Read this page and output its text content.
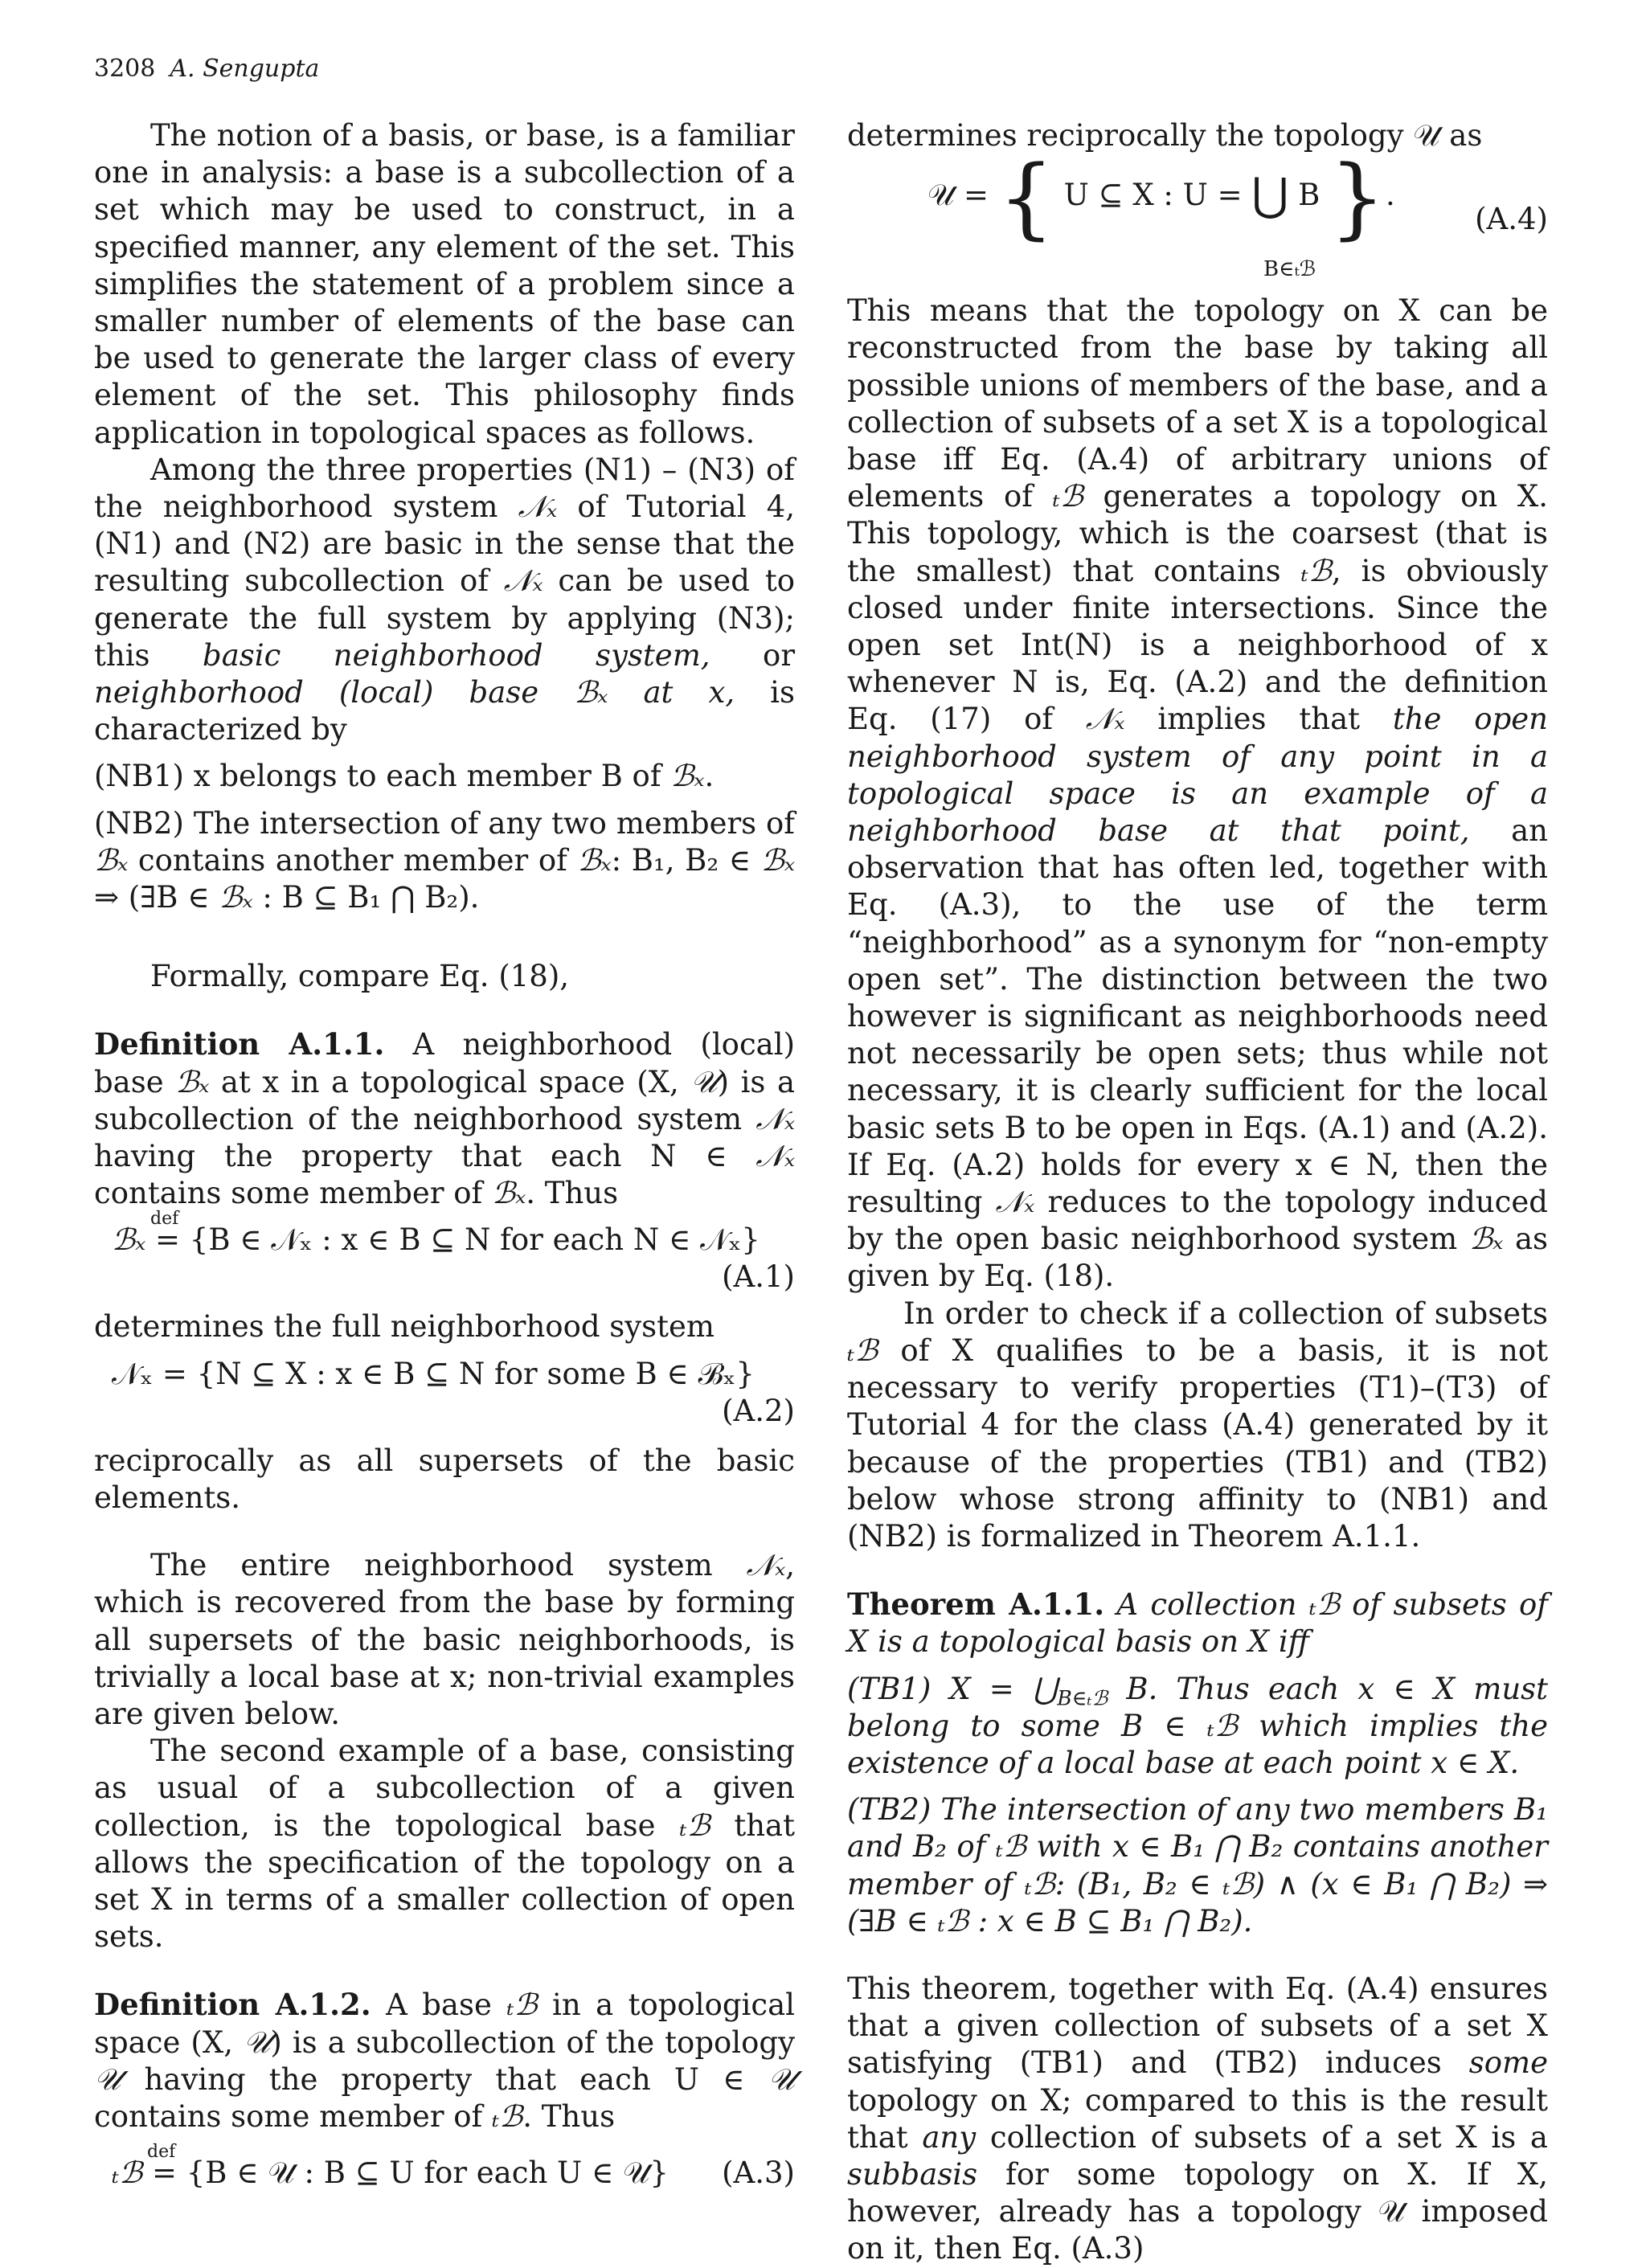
3208 A. Sengupta

The notion of a basis, or base, is a familiar one in analysis: a base is a subcollection of a set which may be used to construct, in a specified manner, any element of the set. This simplifies the statement of a problem since a smaller number of elements of the base can be used to generate the larger class of every element of the set. This philosophy finds application in topological spaces as follows.

Among the three properties (N1) – (N3) of the neighborhood system 𝒩ₓ of Tutorial 4, (N1) and (N2) are basic in the sense that the resulting subcollection of 𝒩ₓ can be used to generate the full system by applying (N3); this basic neighborhood system, or neighborhood (local) base ℬₓ at x, is characterized by

(NB1) x belongs to each member B of ℬₓ.

(NB2) The intersection of any two members of ℬₓ contains another member of ℬₓ: B₁, B₂ ∈ ℬₓ ⇒ (∃B ∈ ℬₓ : B ⊆ B₁ ⋂ B₂).

Formally, compare Eq. (18),

Definition A.1.1. A neighborhood (local) base ℬₓ at x in a topological space (X, 𝒰) is a subcollection of the neighborhood system 𝒩ₓ having the property that each N ∈ 𝒩ₓ contains some member of ℬₓ. Thus

ℬₓ
def
= {B ∈ 𝒩ₓ : x ∈ B ⊆ N for each N ∈ 𝒩ₓ}
(A.1)

determines the full neighborhood system

𝒩ₓ = {N ⊆ X : x ∈ B ⊆ N for some B ∈ ℬₓ}
(A.2)

reciprocally as all supersets of the basic elements.

The entire neighborhood system 𝒩ₓ, which is recovered from the base by forming all supersets of the basic neighborhoods, is trivially a local base at x; non-trivial examples are given below.

The second example of a base, consisting as usual of a subcollection of a given collection, is the topological base ₜℬ that allows the specification of the topology on a set X in terms of a smaller collection of open sets.

Definition A.1.2. A base ₜℬ in a topological space (X, 𝒰) is a subcollection of the topology 𝒰 having the property that each U ∈ 𝒰 contains some member of ₜℬ. Thus

ₜℬ
def
= {B ∈ 𝒰 : B ⊆ U for each U ∈ 𝒰} (A.3)

determines reciprocally the topology 𝒰 as

𝒰 = { U ⊆ X : U = ⋃ B }.
B∈ₜℬ
(A.4)

This means that the topology on X can be reconstructed from the base by taking all possible unions of members of the base, and a collection of subsets of a set X is a topological base iff Eq. (A.4) of arbitrary unions of elements of ₜℬ generates a topology on X. This topology, which is the coarsest (that is the smallest) that contains ₜℬ, is obviously closed under finite intersections. Since the open set Int(N) is a neighborhood of x whenever N is, Eq. (A.2) and the definition Eq. (17) of 𝒩ₓ implies that the open neighborhood system of any point in a topological space is an example of a neighborhood base at that point, an observation that has often led, together with Eq. (A.3), to the use of the term “neighborhood” as a synonym for “non-empty open set”. The distinction between the two however is significant as neighborhoods need not necessarily be open sets; thus while not necessary, it is clearly sufficient for the local basic sets B to be open in Eqs. (A.1) and (A.2). If Eq. (A.2) holds for every x ∈ N, then the resulting 𝒩ₓ reduces to the topology induced by the open basic neighborhood system ℬₓ as given by Eq. (18).

In order to check if a collection of subsets ₜℬ of X qualifies to be a basis, it is not necessary to verify properties (T1)–(T3) of Tutorial 4 for the class (A.4) generated by it because of the properties (TB1) and (TB2) below whose strong affinity to (NB1) and (NB2) is formalized in Theorem A.1.1.

Theorem A.1.1. A collection ₜℬ of subsets of X is a topological basis on X iff

(TB1) $X = ⋃_{B\in_tℬ}$ B. Thus each x ∈ X must belong to some B ∈ ₜℬ which implies the existence of a local base at each point x ∈ X.

(TB2) The intersection of any two members B₁ and B₂ of ₜℬ with x ∈ B₁ ⋂ B₂ contains another member of ₜℬ: (B₁, B₂ ∈ ₜℬ) ∧ (x ∈ B₁ ⋂ B₂) ⇒ (∃B ∈ ₜℬ : x ∈ B ⊆ B₁ ⋂ B₂).

This theorem, together with Eq. (A.4) ensures that a given collection of subsets of a set X satisfying (TB1) and (TB2) induces some topology on X; compared to this is the result that any collection of subsets of a set X is a subbasis for some topology on X. If X, however, already has a topology 𝒰 imposed on it, then Eq. (A.3)
